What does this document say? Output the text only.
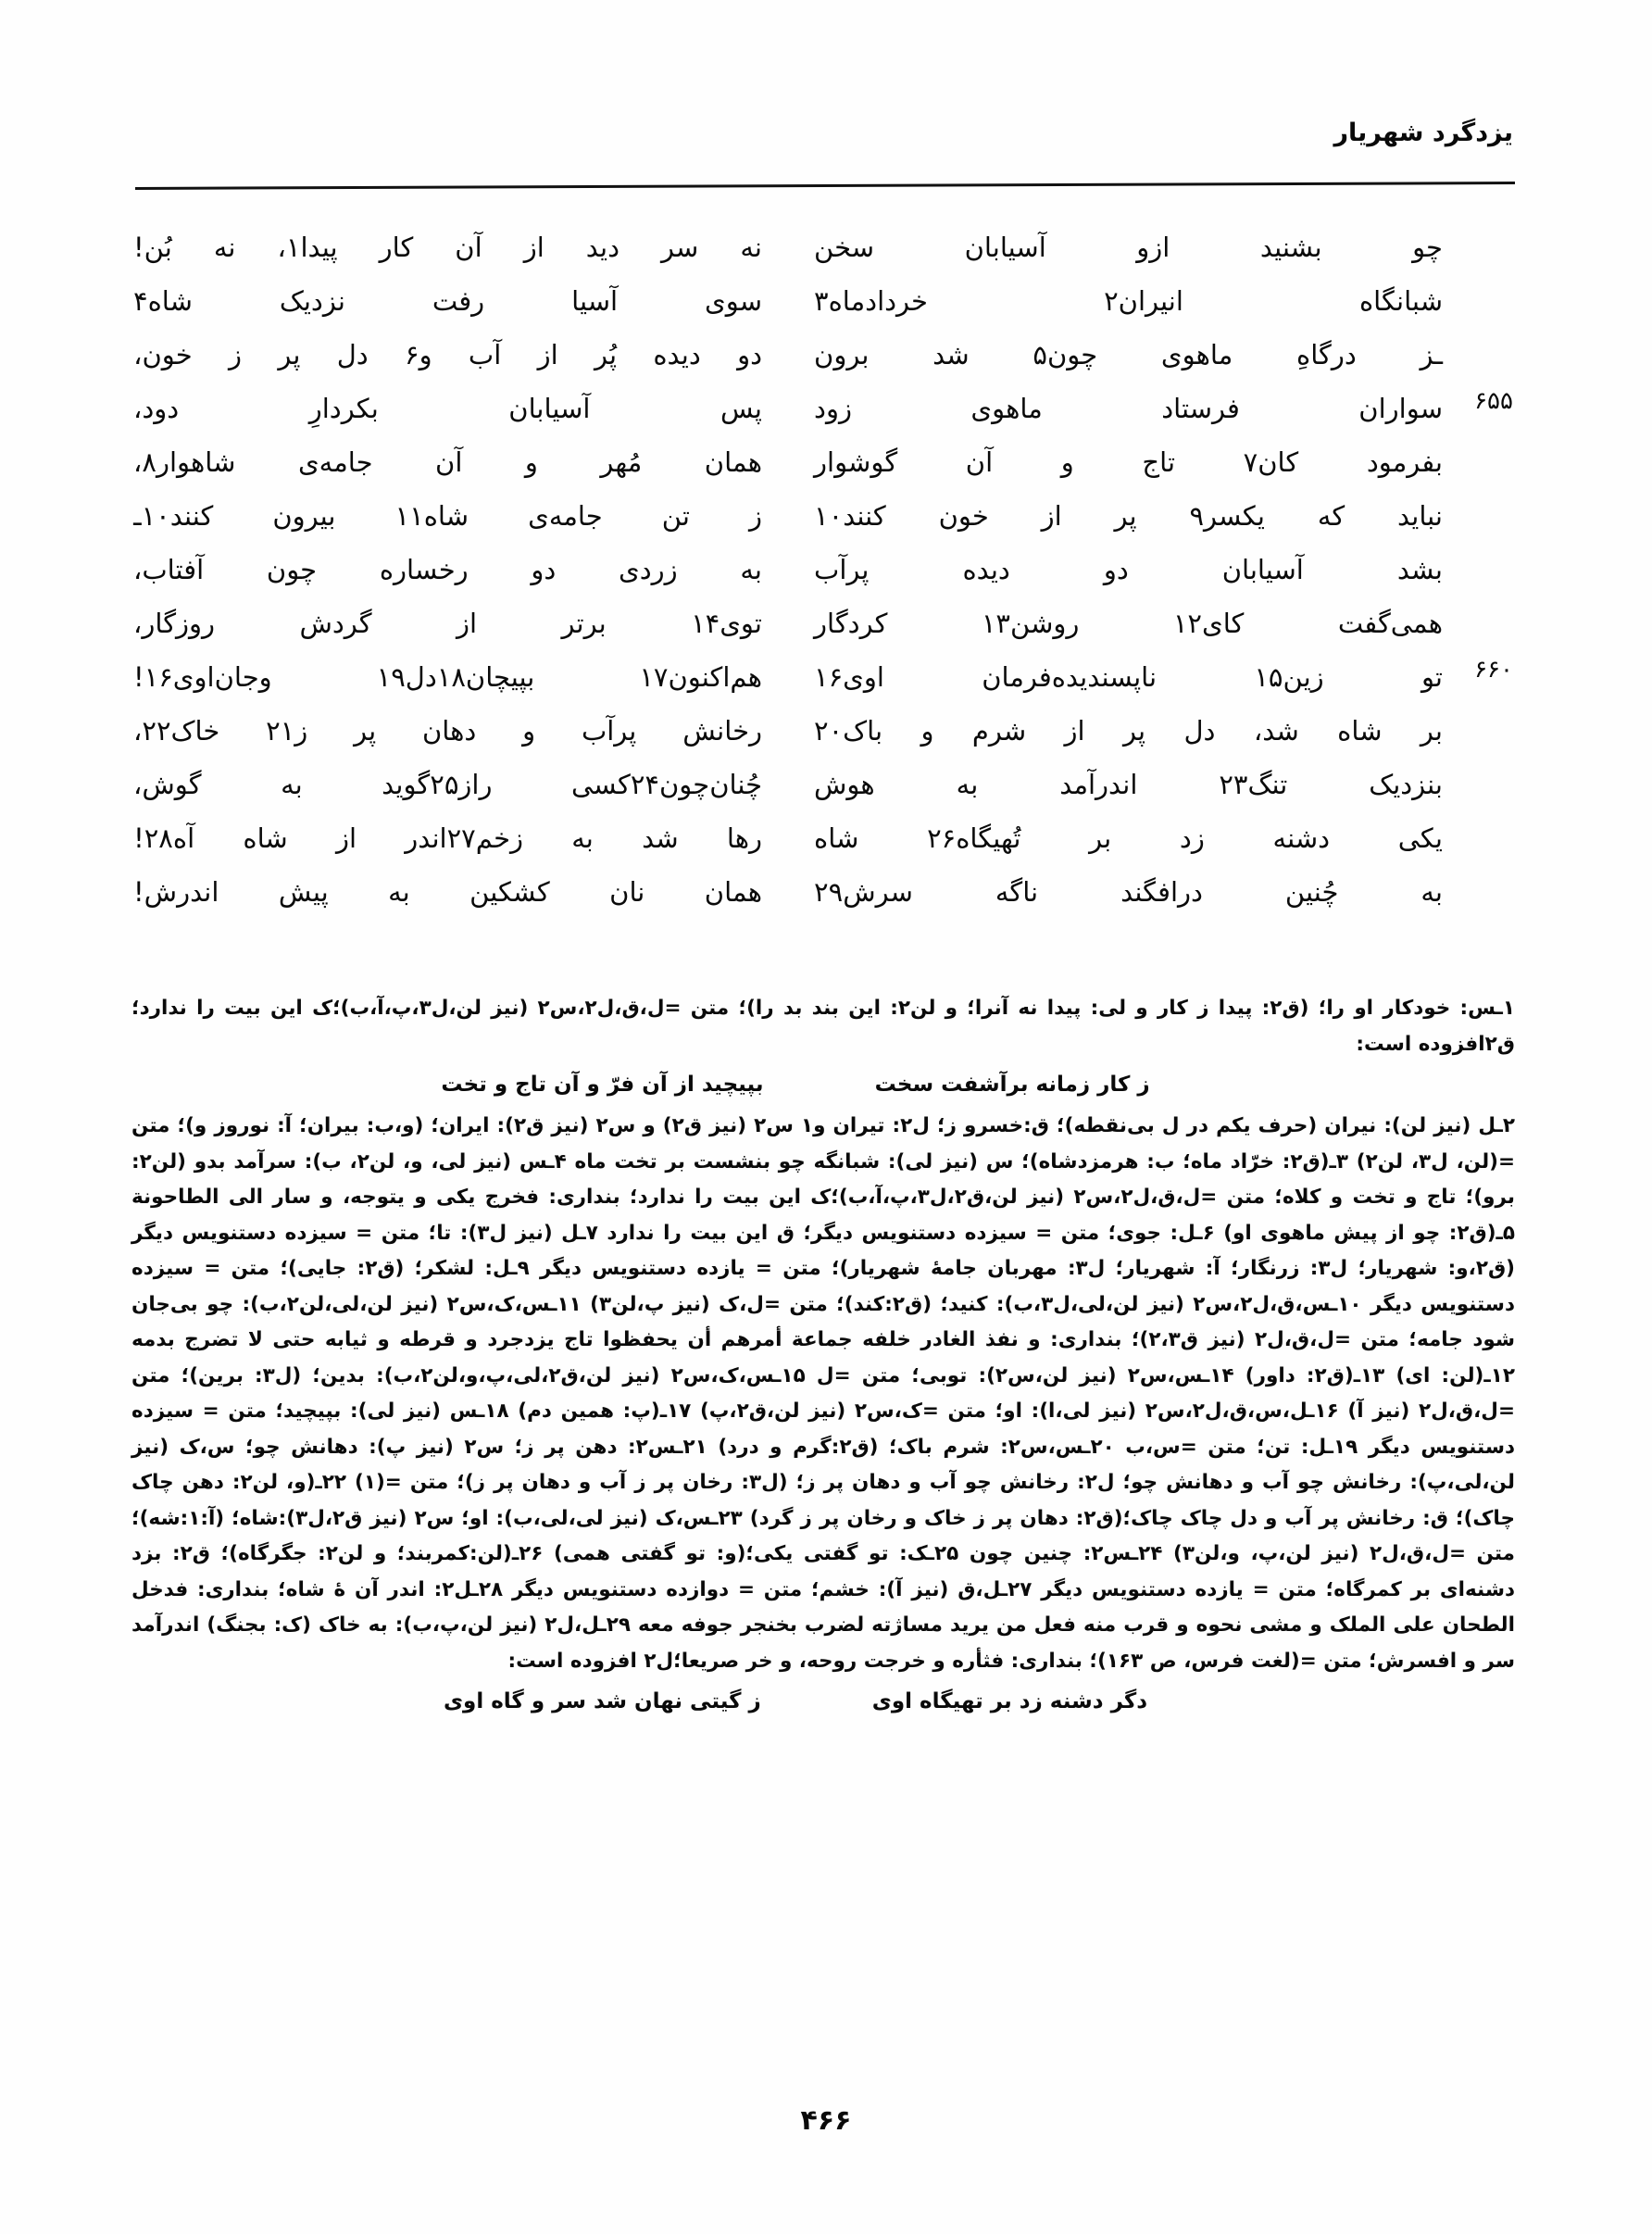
یزدگرد شهریار
چو
بشنید
ازو
آسیابان
سخن
نه
سر
دید
از
آن
کار
پیدا۱،
نه
بُن!
شبانگاه
انیران۲
خردادماه۳
سوی
آسیا
رفت
نزدیک
شاه۴
ـز
درگاهِ
ماهوی
چون۵
شد
برون
دو
دیده
پُر
از
آب
و۶
دل
پر
ز
خون،
۶۵۵
سواران
فرستاد
ماهوی
زود
پس
آسیابان
بکردارِ
دود،
بفرمود
کان۷
تاج
و
آن
گوشوار
همان
مُهر
و
آن
جامه‌ی
شاهوار۸،
نباید
که
یکسر۹
پر
از
خون
کنند۱۰
ز
تن
جامه‌ی
شاه۱۱
بیرون
کنند۱۰ـ
بشد
آسیابان
دو
دیده
پرآب
به
زردی
دو
رخساره
چون
آفتاب،
همی‌گفت
کای۱۲
روشن۱۳
کردگار
توی۱۴
برتر
از
گردش
روزگار،
۶۶۰
تو
زین۱۵
ناپسندیده‌فرمان
اوی۱۶
هم‌اکنون۱۷
بپیچان۱۸دل۱۹
وجان‌اوی۱۶!
بر
شاه
شد،
دل
پر
از
شرم
و
باک۲۰
رخانش
پرآب
و
دهان
پر
ز۲۱
خاک۲۲،
بنزدیک
تنگ۲۳
اندرآمد
به
هوش
چُنان‌چون۲۴کسی
راز۲۵گوید
به
گوش،
یکی
دشنه
زد
بر
تُهیگاه۲۶
شاه
رها
شد
به
زخم۲۷اندر
از
شاه
آه۲۸!
به
چُنین
درافگند
ناگه
سرش۲۹
همان
نان
کشکین
به
پیش
اندرش!

۱ـس: خودکار او را؛ (ق۲: پیدا ز کار و لی: پیدا نه آنرا؛ و لن۲: این بند بد را)؛ متن =ل،ق،ل۲،س۲ (نیز لن،ل۳،پ،آ،ب)؛ک این بیت را ندارد؛ ق۲افزوده است:

ز کار زمانه برآشفت سخت
بپیچید از آن فرّ و آن تاج و تخت

۲ـل (نیز لن): نیران (حرف یکم در ل بی‌نقطه)؛ ق:خسرو ز؛ ل۲: تیران و۱ س۲ (نیز ق۲) و س۲ (نیز ق۲): ایران؛ (و،ب: بیران؛ آ: نوروز و)؛ متن =(لن، ل۳، لن۲) ۳ـ(ق۲: خرّاد ماه؛ ب: هرمزدشاه)؛ س (نیز لی): شبانگه چو بنشست بر تخت ماه ۴ـس (نیز لی، و، لن۲، ب): سرآمد بدو (لن۲: برو)؛ تاج و تخت و کلاه؛ متن =ل،ق،ل۲،س۲ (نیز لن،ق۲،ل۳،پ،آ،ب)؛ک این بیت را ندارد؛ بنداری: فخرج یکی و یتوجه، و سار الی الطاحونة ۵ـ(ق۲: چو از پیش ماهوی او) ۶ـل: جوی؛ متن = سیزده دستنویس دیگر؛ ق این بیت را ندارد ۷ـل (نیز ل۳): تا؛ متن = سیزده دستنویس دیگر (ق۲،و: شهریار؛ ل۳: زرنگار؛ آ: شهریار؛ ل۳: مهربان جامهٔ شهریار)؛ متن = یازده دستنویس دیگر ۹ـل: لشکر؛ (ق۲: جایی)؛ متن = سیزده دستنویس دیگر ۱۰ـس،ق،ل۲،س۲ (نیز لن،لی،ل۳،ب): کنید؛ (ق۲:کند)؛ متن =ل،ک (نیز پ،لن۳) ۱۱ـس،ک،س۲ (نیز لن،لی،لن۲،ب): چو بی‌جان شود جامه؛ متن =ل،ق،ل۲ (نیز ق۲،۳)؛ بنداری: و نفذ الغادر خلفه جماعة أمرهم أن یحفظوا تاج یزدجرد و قرطه و ثیابه حتی لا تضرج بدمه ۱۲ـ(لن: ای) ۱۳ـ(ق۲: داور) ۱۴ـس،س۲ (نیز لن،س۲): توبی؛ متن =ل ۱۵ـس،ک،س۲ (نیز لن،ق۲،لی،پ،و،لن۲،ب): بدین؛ (ل۳: برین)؛ متن =ل،ق،ل۲ (نیز آ) ۱۶ـل،س،ق،ل۲،س۲ (نیز لی،ا): او؛ متن =ک،س۲ (نیز لن،ق۲،پ) ۱۷ـ(پ: همین دم) ۱۸ـس (نیز لی): بپیچید؛ متن = سیزده دستنویس دیگر ۱۹ـل: تن؛ متن =س،ب ۲۰ـس،س۲: شرم باک؛ (ق۲:گرم و درد) ۲۱ـس۲: دهن پر ز؛ س۲ (نیز پ): دهانش چو؛ س،ک (نیز لن،لی،پ): رخانش چو آب و دهانش چو؛ ل۲: رخانش چو آب و دهان پر ز؛ (ل۳: رخان پر ز آب و دهان پر ز)؛ متن =(۱) ۲۲ـ(و، لن۲: دهن چاک چاک)؛ ق: رخانش پر آب و دل چاک چاک؛(ق۲: دهان پر ز خاک و رخان پر ز گرد) ۲۳ـس،ک (نیز لی،لی،ب): او؛ س۲ (نیز ق۲،ل۳):شاه؛ (آ:۱:شه)؛ متن =ل،ق،ل۲ (نیز لن،پ، و،لن۳) ۲۴ـس۲: چنین چون ۲۵ـک: تو گفتی یکی؛(و: تو گفتی همی) ۲۶ـ(لن:کمربند؛ و لن۲: جگرگاه)؛ ق۲: بزد دشنه‌ای بر کمرگاه؛ متن = یازده دستنویس دیگر ۲۷ـل،ق (نیز آ): خشم؛ متن = دوازده دستنویس دیگر ۲۸ـل۲: اندر آن ۀ شاه؛ بنداری: فدخل الطحان علی الملک و مشی نحوه و قرب منه فعل من یرید مساژته لضرب بخنجر جوفه معه ۲۹ـل،ل۲ (نیز لن،پ،ب): به خاک (ک: بجنگ) اندرآمد سر و افسرش؛ متن =(لغت فرس، ص ۱۶۳)؛ بنداری: فثأره و خرجت روحه، و خر صریعا؛ل۲ افزوده است:

دگر دشنه زد بر تهیگاه اوی
ز گیتی نهان شد سر و گاه اوی
۴۶۶
